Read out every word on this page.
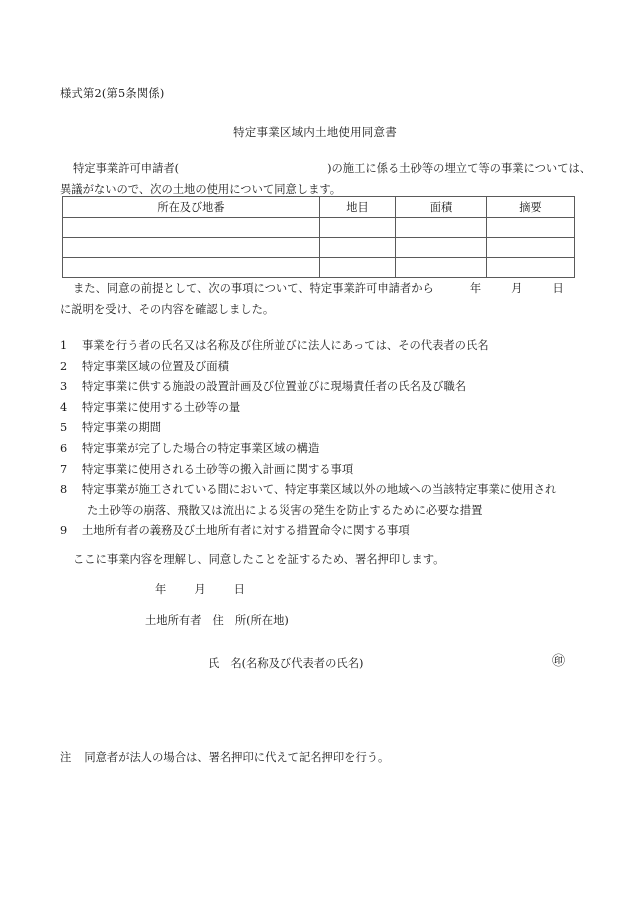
様式第2(第5条関係)
特定事業区域内土地使用同意書
特定事業許可申請者(	)の施工に係る土砂等の埋立て等の事業については、
異議がないので、次の土地の使用について同意します。
所在及び地番	地目	面積	摘要

また、同意の前提として、次の事項について、特定事業許可申請者から	年	月	日
に説明を受け、その内容を確認しました。
1 事業を行う者の氏名又は名称及び住所並びに法人にあっては、その代表者の氏名
2 特定事業区域の位置及び面積
3 特定事業に供する施設の設置計画及び位置並びに現場責任者の氏名及び職名
4 特定事業に使用する土砂等の量
5 特定事業の期間
6 特定事業が完了した場合の特定事業区域の構造
7 特定事業に使用される土砂等の搬入計画に関する事項
8 特定事業が施工されている間において、特定事業区域以外の地域への当該特定事業に使用され
た土砂等の崩落、飛散又は流出による災害の発生を防止するために必要な措置
9 土地所有者の義務及び土地所有者に対する措置命令に関する事項
ここに事業内容を理解し、同意したことを証するため、署名押印します。
年 月 日
土地所有者 住 所(所在地)
氏 名(名称及び代表者の氏名)	㊞
注 同意者が法人の場合は、署名押印に代えて記名押印を行う。
